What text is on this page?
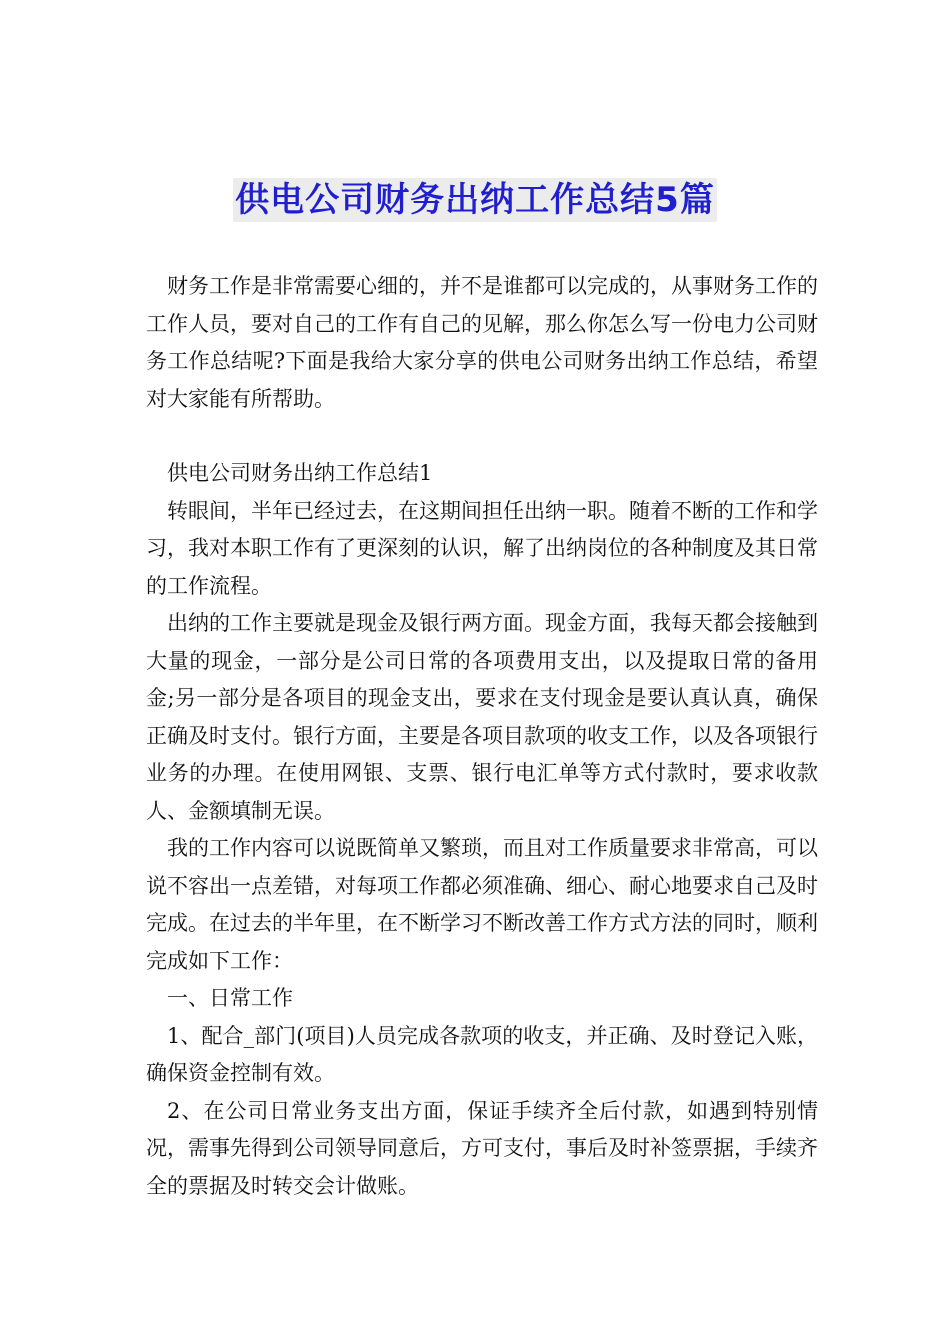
供电公司财务出纳工作总结5篇

财务工作是非常需要心细的，并不是谁都可以完成的，从事财务工作的工作人员，要对自己的工作有自己的见解，那么你怎么写一份电力公司财务工作总结呢?下面是我给大家分享的供电公司财务出纳工作总结，希望对大家能有所帮助。

供电公司财务出纳工作总结1

转眼间，半年已经过去，在这期间担任出纳一职。随着不断的工作和学习，我对本职工作有了更深刻的认识，解了出纳岗位的各种制度及其日常的工作流程。

出纳的工作主要就是现金及银行两方面。现金方面，我每天都会接触到大量的现金，一部分是公司日常的各项费用支出，以及提取日常的备用金;另一部分是各项目的现金支出，要求在支付现金是要认真认真，确保正确及时支付。银行方面，主要是各项目款项的收支工作，以及各项银行业务的办理。在使用网银、支票、银行电汇单等方式付款时，要求收款人、金额填制无误。

我的工作内容可以说既简单又繁琐，而且对工作质量要求非常高，可以说不容出一点差错，对每项工作都必须准确、细心、耐心地要求自己及时完成。在过去的半年里，在不断学习不断改善工作方式方法的同时，顺利完成如下工作：

一、日常工作

1、配合_部门(项目)人员完成各款项的收支，并正确、及时登记入账，确保资金控制有效。

2、在公司日常业务支出方面，保证手续齐全后付款，如遇到特别情况，需事先得到公司领导同意后，方可支付，事后及时补签票据，手续齐全的票据及时转交会计做账。
